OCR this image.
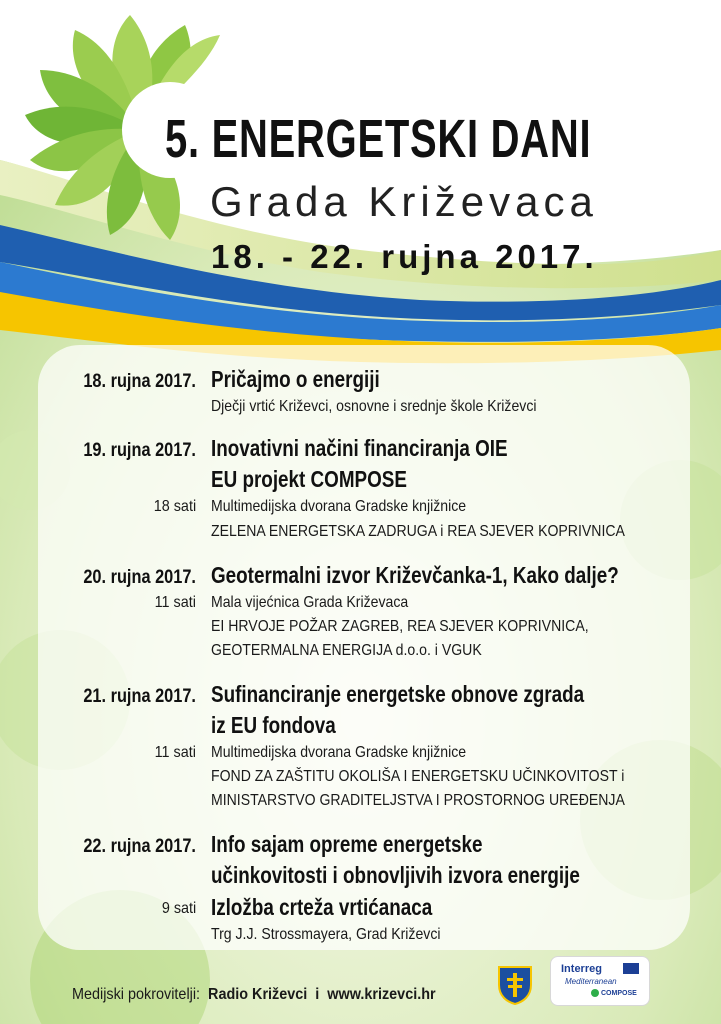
5. ENERGETSKI DANI
Grada Križevaca
18. - 22. rujna 2017.
18. rujna 2017. Pričajmo o energiji
Dječji vrtić Križevci, osnovne i srednje škole Križevci
19. rujna 2017. Inovativni načini financiranja OIE
EU projekt COMPOSE
18 sati Multimedijska dvorana Gradske knjižnice
ZELENA ENERGETSKA ZADRUGA i REA SJEVER KOPRIVNICA
20. rujna 2017. Geotermalni izvor Križevčanka-1, Kako dalje?
11 sati Mala vijećnica Grada Križevaca
EI HRVOJE POŽAR ZAGREB, REA SJEVER KOPRIVNICA,
GEOTERMALNA ENERGIJA d.o.o. i VGUK
21. rujna 2017. Sufinanciranje energetske obnove zgrada
iz EU fondova
11 sati Multimedijska dvorana Gradske knjižnice
FOND ZA ZAŠTITU OKOLIŠA I ENERGETSKU UČINKOVITOST i
MINISTARSTVO GRADITELJSTVA I PROSTORNOG UREĐENJA
22. rujna 2017. Info sajam opreme energetske
učinkovitosti i obnovljivih izvora energije
9 sati Izložba crteža vrtićanaca
Trg J.J. Strossmayera, Grad Križevci
Medijski pokrovitelji: Radio Križevci i www.krizevci.hr
Interreg
Mediterranean
COMPOSE
